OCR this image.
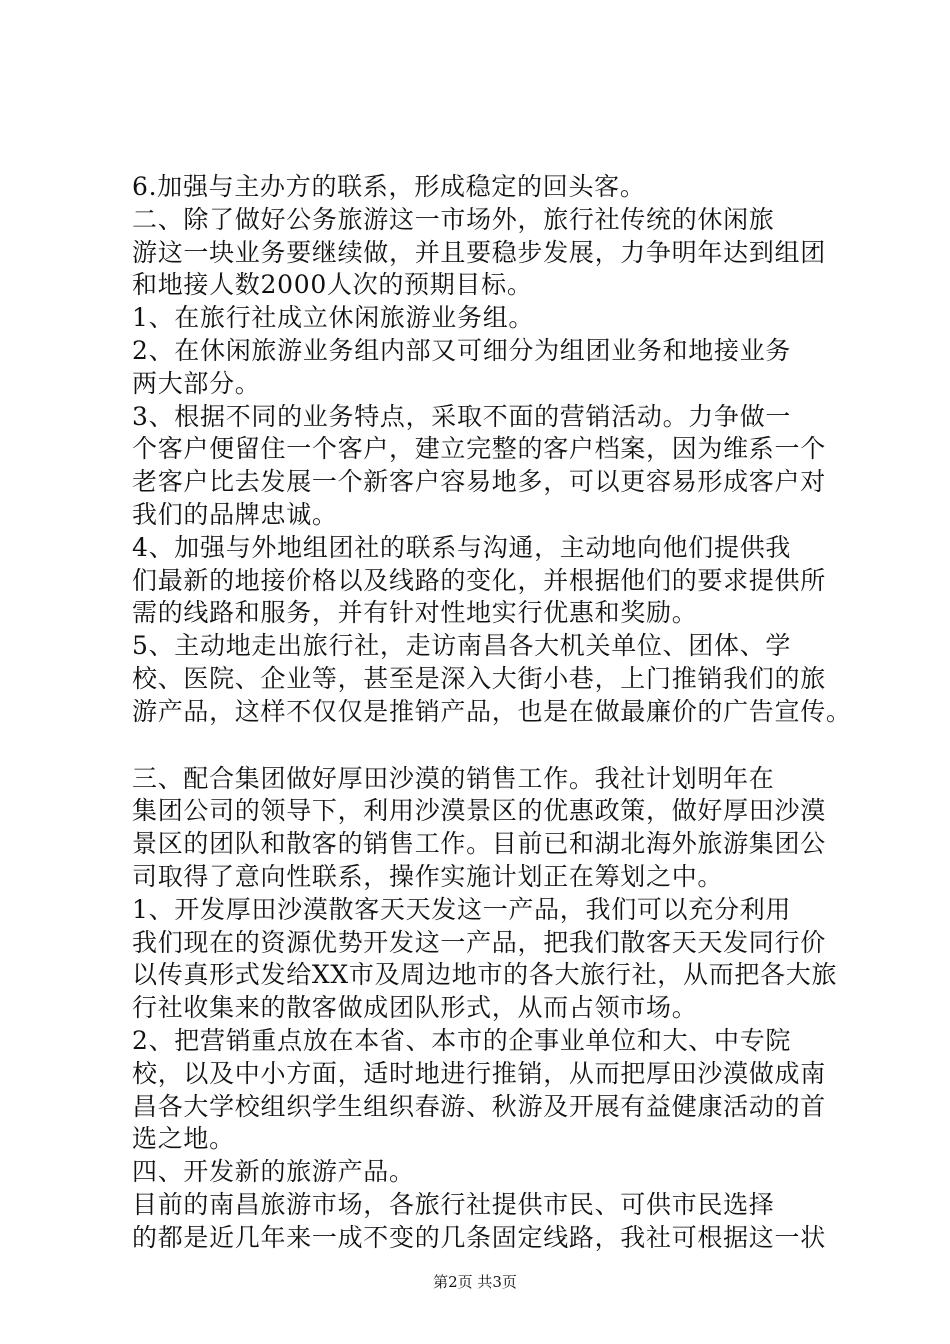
6.加强与主办方的联系，形成稳定的回头客。
二、除了做好公务旅游这一市场外，旅行社传统的休闲旅
游这一块业务要继续做，并且要稳步发展，力争明年达到组团
和地接人数2000人次的预期目标。
1、在旅行社成立休闲旅游业务组。
2、在休闲旅游业务组内部又可细分为组团业务和地接业务
两大部分。
3、根据不同的业务特点，采取不面的营销活动。力争做一
个客户便留住一个客户，建立完整的客户档案，因为维系一个
老客户比去发展一个新客户容易地多，可以更容易形成客户对
我们的品牌忠诚。
4、加强与外地组团社的联系与沟通，主动地向他们提供我
们最新的地接价格以及线路的变化，并根据他们的要求提供所
需的线路和服务，并有针对性地实行优惠和奖励。
5、主动地走出旅行社，走访南昌各大机关单位、团体、学
校、医院、企业等，甚至是深入大街小巷，上门推销我们的旅
游产品，这样不仅仅是推销产品，也是在做最廉价的广告宣传。
三、配合集团做好厚田沙漠的销售工作。我社计划明年在
集团公司的领导下，利用沙漠景区的优惠政策，做好厚田沙漠
景区的团队和散客的销售工作。目前已和湖北海外旅游集团公
司取得了意向性联系，操作实施计划正在筹划之中。
1、开发厚田沙漠散客天天发这一产品，我们可以充分利用
我们现在的资源优势开发这一产品，把我们散客天天发同行价
以传真形式发给XX市及周边地市的各大旅行社，从而把各大旅
行社收集来的散客做成团队形式，从而占领市场。
2、把营销重点放在本省、本市的企事业单位和大、中专院
校，以及中小方面，适时地进行推销，从而把厚田沙漠做成南
昌各大学校组织学生组织春游、秋游及开展有益健康活动的首
选之地。
四、开发新的旅游产品。
目前的南昌旅游市场，各旅行社提供市民、可供市民选择
的都是近几年来一成不变的几条固定线路，我社可根据这一状
第2页 共3页
